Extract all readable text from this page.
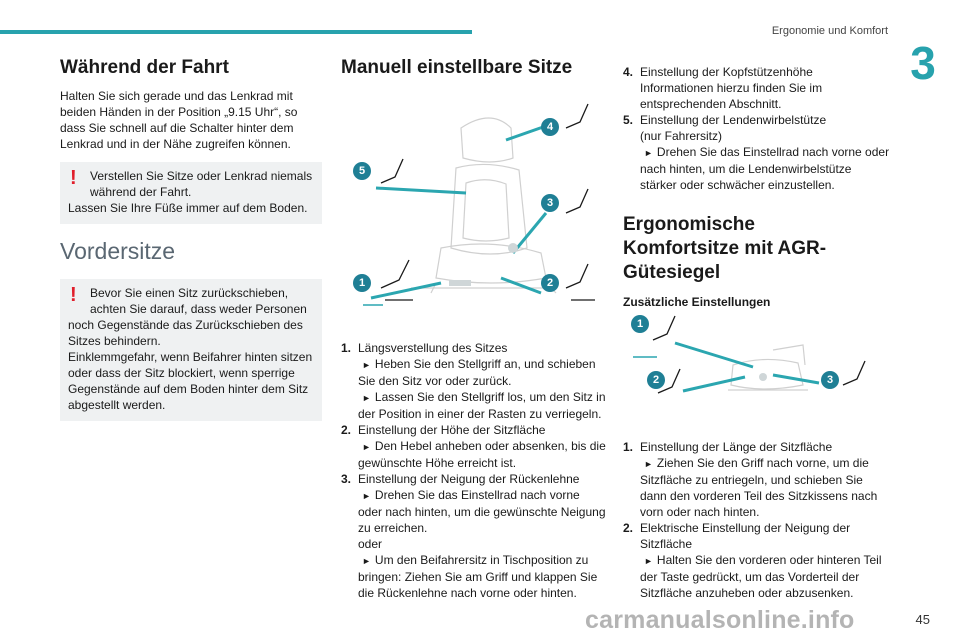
Ergonomie und Komfort
3
Während der Fahrt

Halten Sie sich gerade und das Lenkrad mit beiden Händen in der Position „9.15 Uhr“, so dass Sie schnell auf die Schalter hinter dem Lenkrad und in der Nähe zugreifen können.

!	Verstellen Sie Sitze oder Lenkrad niemals während der Fahrt.
Lassen Sie Ihre Füße immer auf dem Boden.
Vordersitze
!	Bevor Sie einen Sitz zurückschieben, achten Sie darauf, dass weder Personen
noch Gegenstände das Zurückschieben des Sitzes behindern.
Einklemmgefahr, wenn Beifahrer hinten sitzen oder dass der Sitz blockiert, wenn sperrige Gegenstände auf dem Boden hinter dem Sitz abgestellt werden.
Manuell einstellbare Sitze
1	2
3
4
5
1. Längsverstellung des Sitzes
► Heben Sie den Stellgriff an, und schieben Sie den Sitz vor oder zurück.
► Lassen Sie den Stellgriff los, um den Sitz in der Position in einer der Rasten zu verriegeln.
2. Einstellung der Höhe der Sitzfläche
► Den Hebel anheben oder absenken, bis die gewünschte Höhe erreicht ist.
3. Einstellung der Neigung der Rückenlehne
► Drehen Sie das Einstellrad nach vorne oder nach hinten, um die gewünschte Neigung zu erreichen.
oder
► Um den Beifahrersitz in Tischposition zu bringen: Ziehen Sie am Griff und klappen Sie die Rückenlehne nach vorne oder hinten.
4. Einstellung der Kopfstützenhöhe
Informationen hierzu finden Sie im entsprechenden Abschnitt.
5. Einstellung der Lendenwirbelstütze
(nur Fahrersitz)
► Drehen Sie das Einstellrad nach vorne oder nach hinten, um die Lendenwirbelstütze stärker oder schwächer einzustellen.
Ergonomische Komfortsitze mit AGR-Gütesiegel
Zusätzliche Einstellungen
1
2	3
1. Einstellung der Länge der Sitzfläche
► Ziehen Sie den Griff nach vorne, um die Sitzfläche zu entriegeln, und schieben Sie dann den vorderen Teil des Sitzkissens nach vorn oder nach hinten.
2. Elektrische Einstellung der Neigung der Sitzfläche
► Halten Sie den vorderen oder hinteren Teil der Taste gedrückt, um das Vorderteil der Sitzfläche anzuheben oder abzusenken.
carmanualsonline.info	45
